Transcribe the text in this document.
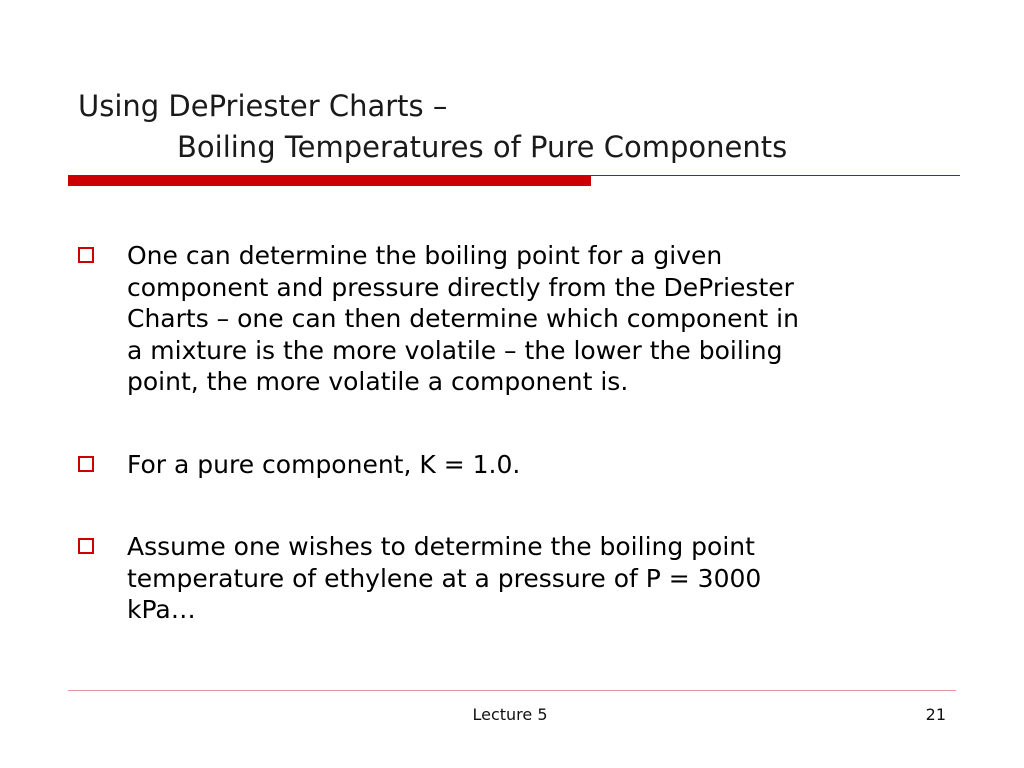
Using DePriester Charts –
Boiling Temperatures of Pure Components
One can determine the boiling point for a given
component and pressure directly from the DePriester
Charts – one can then determine which component in
a mixture is the more volatile – the lower the boiling
point, the more volatile a component is.
For a pure component, K = 1.0.
Assume one wishes to determine the boiling point
temperature of ethylene at a pressure of P = 3000
kPa…
Lecture 5	21
